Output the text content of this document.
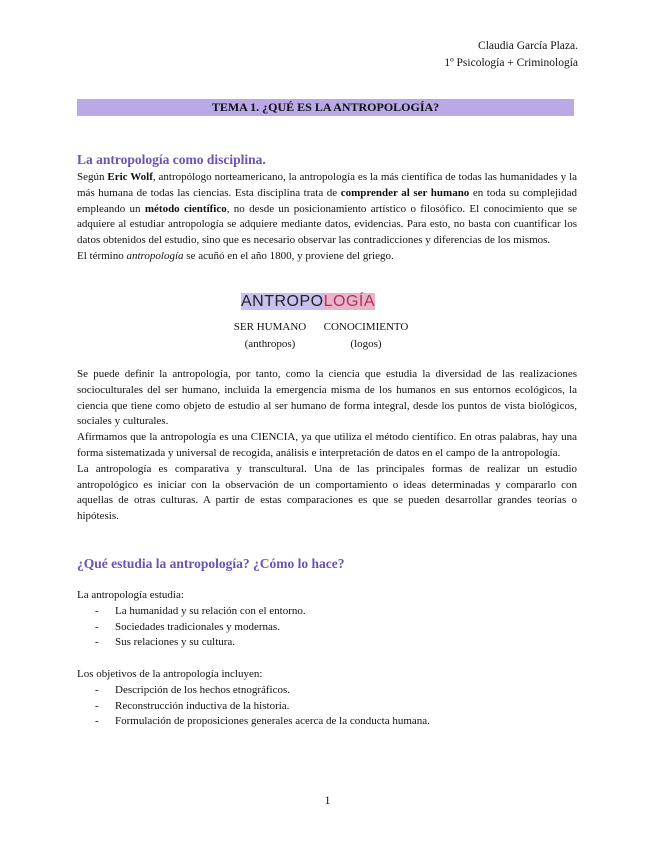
Claudia García Plaza.
1º Psicología + Criminología
TEMA 1. ¿QUÉ ES LA ANTROPOLOGÍA?
La antropología como disciplina.

Según Eric Wolf, antropólogo norteamericano, la antropología es la más científica de todas las humanidades y la más humana de todas las ciencias. Esta disciplina trata de comprender al ser humano en toda su complejidad empleando un método científico, no desde un posicionamiento artístico o filosófico. El conocimiento que se adquiere al estudiar antropología se adquiere mediante datos, evidencias. Para esto, no basta con cuantificar los datos obtenidos del estudio, sino que es necesario observar las contradicciones y diferencias de los mismos.

El término antropología se acuñó en el año 1800, y proviene del griego.

ANTROPOLOGÍA
SER HUMANO
(anthropos)
CONOCIMIENTO
(logos)

Se puede definir la antropología, por tanto, como la ciencia que estudia la diversidad de las realizaciones socioculturales del ser humano, incluida la emergencia misma de los humanos en sus entornos ecológicos, la ciencia que tiene como objeto de estudio al ser humano de forma integral, desde los puntos de vista biológicos, sociales y culturales.

Afirmamos que la antropología es una CIENCIA, ya que utiliza el método científico. En otras palabras, hay una forma sistematizada y universal de recogida, análisis e interpretación de datos en el campo de la antropología.

La antropología es comparativa y transcultural. Una de las principales formas de realizar un estudio antropológico es iniciar con la observación de un comportamiento o ideas determinadas y compararlo con aquellas de otras culturas. A partir de estas comparaciones es que se pueden desarrollar grandes teorías o hipótesis.

¿Qué estudia la antropología? ¿Cómo lo hace?

La antropología estudia:

- La humanidad y su relación con el entorno.
- Sociedades tradicionales y modernas.
- Sus relaciones y su cultura.

Los objetivos de la antropología incluyen:

- Descripción de los hechos etnográficos.
- Reconstrucción inductiva de la historia.
- Formulación de proposiciones generales acerca de la conducta humana.
1
